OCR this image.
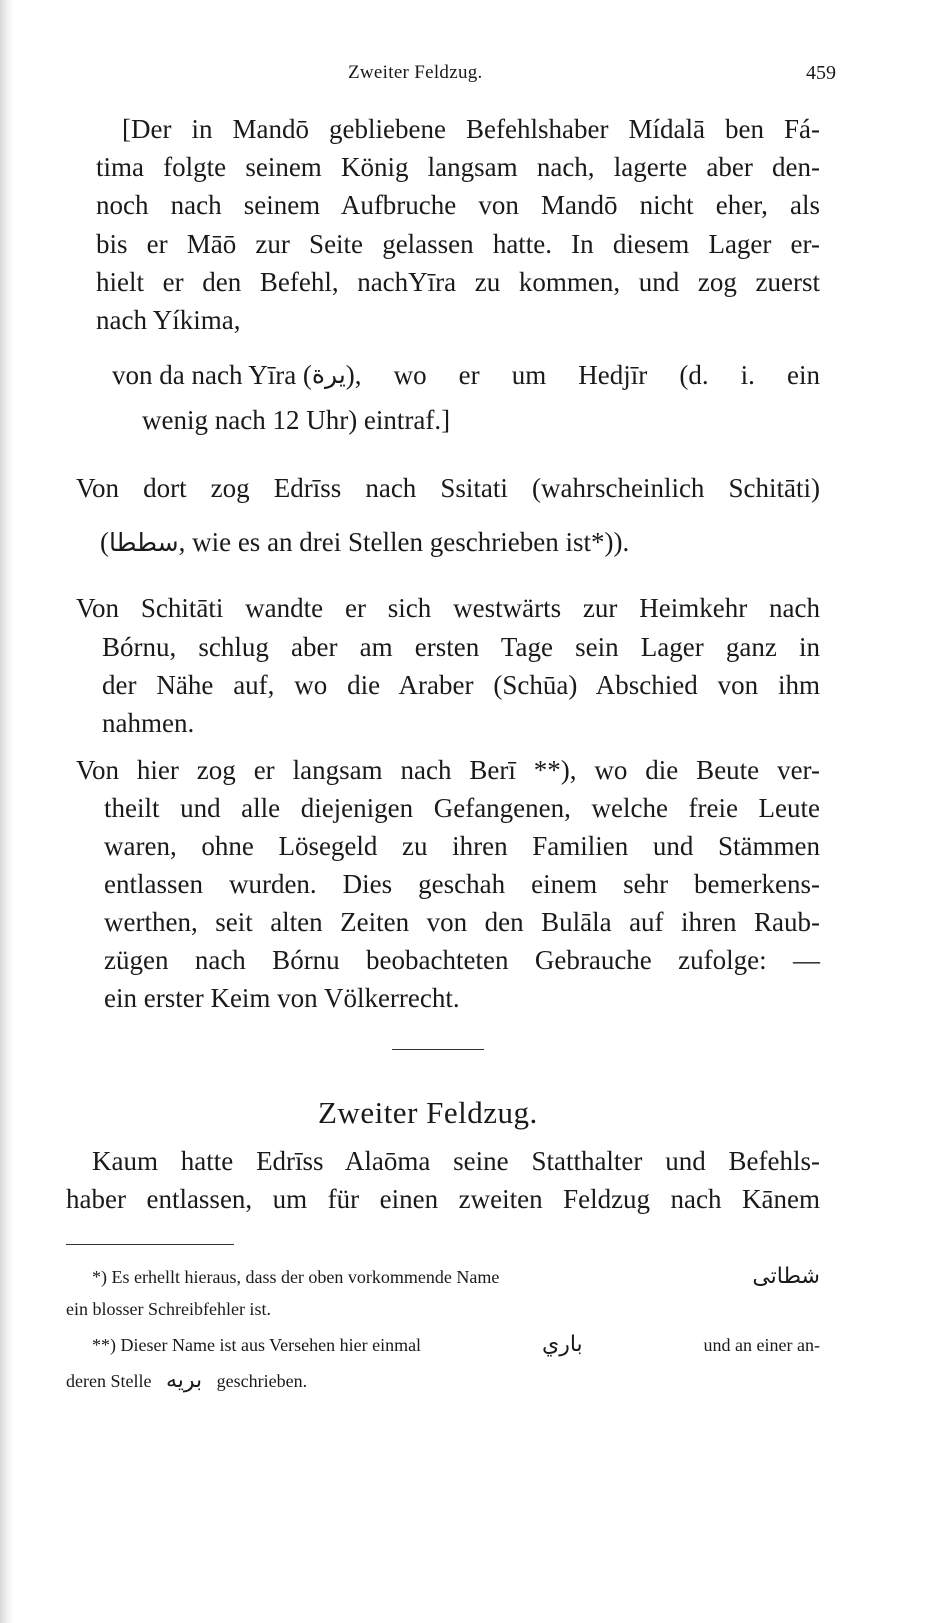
Zweiter Feldzug.	459
[Der in Mandō gebliebene Befehlshaber Mídalā ben Fá-
tima folgte seinem König langsam nach, lagerte aber den-
noch nach seinem Aufbruche von Mandō nicht eher, als
bis er Māō zur Seite gelassen hatte. In diesem Lager er-
hielt er den Befehl, nachYīra zu kommen, und zog zuerst
nach Yíkima,
von da nach Yīra ( يرة ), wo er um Hedjīr (d. i. ein
wenig nach 12 Uhr) eintraf.]
Von dort zog Edrīss nach Ssitati (wahrscheinlich Schitāti)
(سططا, wie es an drei Stellen geschrieben ist*)).
Von Schitāti wandte er sich westwärts zur Heimkehr nach
Bórnu, schlug aber am ersten Tage sein Lager ganz in
der Nähe auf, wo die Araber (Schūa) Abschied von ihm
nahmen.
Von hier zog er langsam nach Berī **), wo die Beute ver-
theilt und alle diejenigen Gefangenen, welche freie Leute
waren, ohne Lösegeld zu ihren Familien und Stämmen
entlassen wurden. Dies geschah einem sehr bemerkens-
werthen, seit alten Zeiten von den Bulāla auf ihren Raub-
zügen nach Bórnu beobachteten Gebrauche zufolge: —
ein erster Keim von Völkerrecht.
Zweiter Feldzug.
Kaum hatte Edrīss Alaōma seine Statthalter und Befehls-
haber entlassen, um für einen zweiten Feldzug nach Kānem
*) Es erhellt hieraus, dass der oben vorkommende Name	شطاتى
ein blosser Schreibfehler ist.
**) Dieser Name ist aus Versehen hier einmal	باري	und an einer an-
deren Stelle بريه geschrieben.
